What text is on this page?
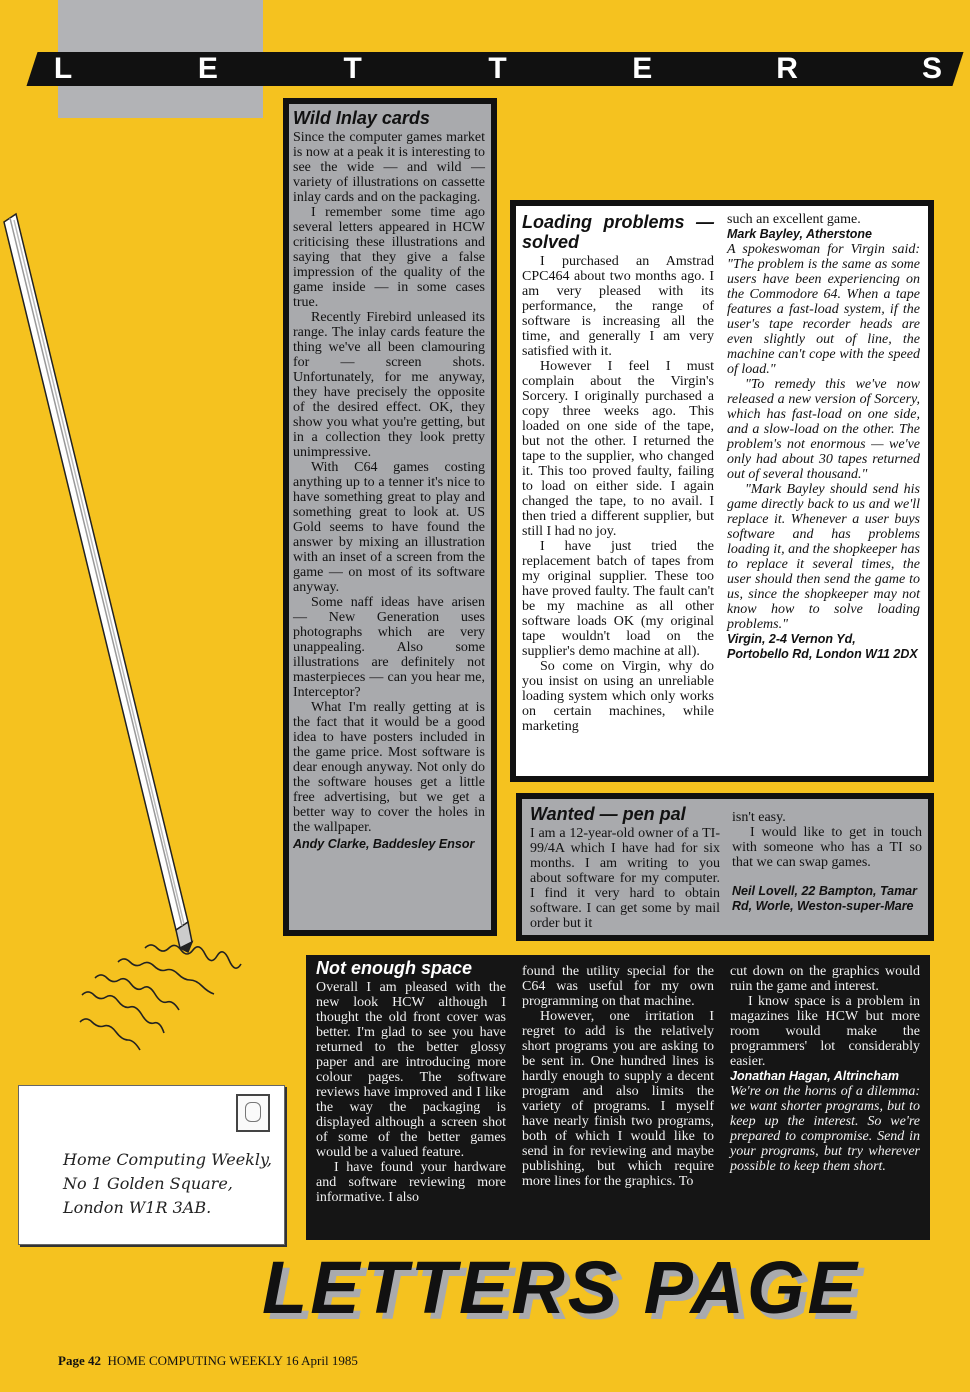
L	E	T	T	E	R	S
Wild Inlay cards

Since the computer games market is now at a peak it is interesting to see the wide — and wild — variety of illustrations on cassette inlay cards and on the packaging.

I remember some time ago several letters appeared in HCW criticising these illustrations and saying that they give a false impression of the quality of the game inside — in some cases true.

Recently Firebird unleased its range. The inlay cards feature the thing we've all been clamouring for — screen shots. Unfortunately, for me anyway, they have precisely the opposite of the desired effect. OK, they show you what you're getting, but in a collection they look pretty unimpressive.

With C64 games costing anything up to a tenner it's nice to have something great to play and something great to look at. US Gold seems to have found the answer by mixing an illustration with an inset of a screen from the game — on most of its software anyway.

Some naff ideas have arisen — New Generation uses photographs which are very unappealing. Also some illustrations are definitely not masterpieces — can you hear me, Interceptor?

What I'm really getting at is the fact that it would be a good idea to have posters included in the game price. Most software is dear enough anyway. Not only do the software houses get a little free advertising, but we get a better way to cover the holes in the wallpaper.

Andy Clarke, Baddesley Ensor

Loading problems — solved

I purchased an Amstrad CPC464 about two months ago. I am very pleased with its performance, the range of software is increasing all the time, and generally I am very satisfied with it.

However I feel I must complain about the Virgin's Sorcery. I originally purchased a copy three weeks ago. This loaded on one side of the tape, but not the other. I returned the tape to the supplier, who changed it. This too proved faulty, failing to load on either side. I again changed the tape, to no avail. I then tried a different supplier, but still I had no joy.

I have just tried the replacement batch of tapes from my original supplier. These too have proved faulty. The fault can't be my machine as all other software loads OK (my original tape wouldn't load on the supplier's demo machine at all).

So come on Virgin, why do you insist on using an unreliable loading system which only works on certain machines, while marketing

such an excellent game.

Mark Bayley, Atherstone

A spokeswoman for Virgin said: "The problem is the same as some users have been experiencing on the Commodore 64. When a tape features a fast-load system, if the user's tape recorder heads are even slightly out of line, the machine can't cope with the speed of load."

"To remedy this we've now released a new version of Sorcery, which has fast-load on one side, and a slow-load on the other. The problem's not enormous — we've only had about 30 tapes returned out of several thousand."

"Mark Bayley should send his game directly back to us and we'll replace it. Whenever a user buys software and has problems loading it, and the shopkeeper has to replace it several times, the user should then send the game to us, since the shopkeeper may not know how to solve loading problems."

Virgin, 2-4 Vernon Yd, Portobello Rd, London W11 2DX

Wanted — pen pal

I am a 12-year-old owner of a TI-99/4A which I have had for six months. I am writing to you about software for my computer. I find it very hard to obtain software. I can get some by mail order but it

isn't easy.

I would like to get in touch with someone who has a TI so that we can swap games.

Neil Lovell, 22 Bampton, Tamar Rd, Worle, Weston-super-Mare

Not enough space

Overall I am pleased with the new look HCW although I thought the old front cover was better. I'm glad to see you have returned to the better glossy paper and are introducing more colour pages. The software reviews have improved and I like the way the packaging is displayed although a screen shot of some of the better games would be a valued feature.

I have found your hardware and software reviewing more informative. I also

found the utility special for the C64 was useful for my own programming on that machine.

However, one irritation I regret to add is the relatively short programs you are asking to be sent in. One hundred lines is hardly enough to supply a decent program and also limits the variety of programs. I myself have nearly finish two programs, both of which I would like to send in for reviewing and maybe publishing, but which require more lines for the graphics. To

cut down on the graphics would ruin the game and interest.

I know space is a problem in magazines like HCW but more room would make the programmers' lot considerably easier.

Jonathan Hagan, Altrincham

We're on the horns of a dilemma: we want shorter programs, but to keep up the interest. So we're prepared to compromise. Send in your programs, but try wherever possible to keep them short.

Home Computing Weekly,
No 1 Golden Square,
London W1R 3AB.
LETTERS PAGE
Page 42 HOME COMPUTING WEEKLY 16 April 1985
